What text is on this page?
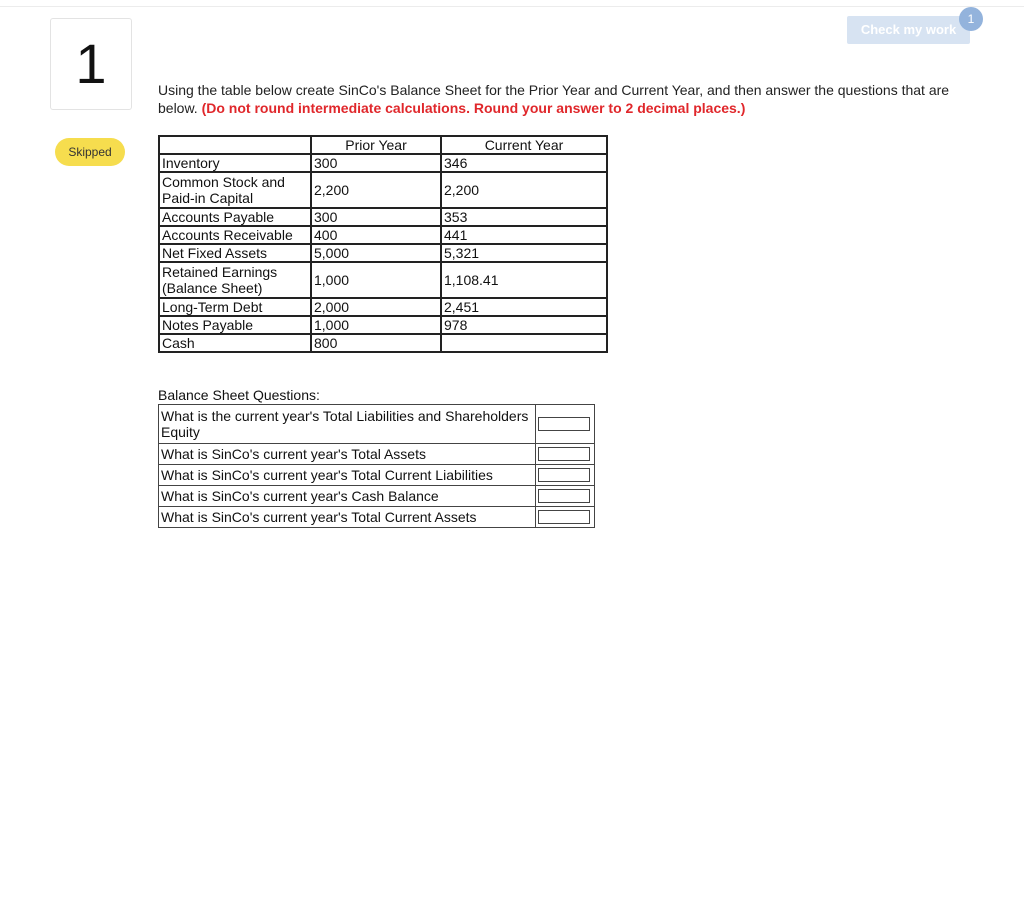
1
Skipped
Check my work
1
Using the table below create SinCo's Balance Sheet for the Prior Year and Current Year, and then answer the questions that are below. (Do not round intermediate calculations. Round your answer to 2 decimal places.)
	Prior Year	Current Year
Inventory	300	346
Common Stock and Paid-in Capital	2,200	2,200
Accounts Payable	300	353
Accounts Receivable	400	441
Net Fixed Assets	5,000	5,321
Retained Earnings (Balance Sheet)	1,000	1,108.41
Long-Term Debt	2,000	2,451
Notes Payable	1,000	978
Cash	800	
Balance Sheet Questions:
What is the current year's Total Liabilities and Shareholders Equity	

What is SinCo's current year's Total Assets	

What is SinCo's current year's Total Current Liabilities	

What is SinCo's current year's Cash Balance	

What is SinCo's current year's Total Current Assets	
